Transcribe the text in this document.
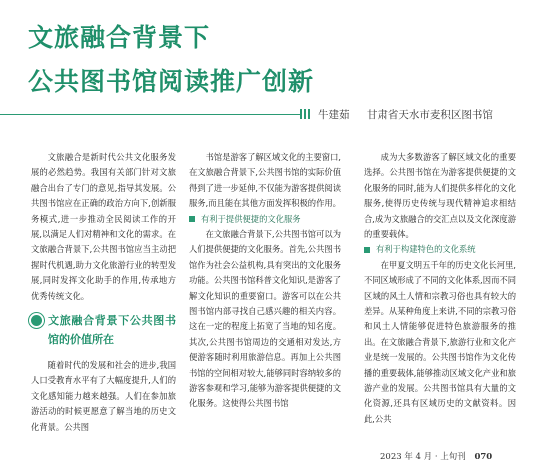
文旅融合背景下
公共图书馆阅读推广创新
牛建茹 甘肃省天水市麦积区图书馆

文旅融合是新时代公共文化服务发展的必然趋势。我国有关部门针对文旅融合出台了专门的意见,指导其发展。公共图书馆应在正确的政治方向下,创新服务模式,进一步推动全民阅读工作的开展,以满足人们对精神和文化的需求。在文旅融合背景下,公共图书馆应当主动把握时代机遇,助力文化旅游行业的转型发展,同时发挥文化助手的作用,传承地方优秀传统文化。

文旅融合背景下公共图书馆的价值所在

随着时代的发展和社会的进步,我国人口受教育水平有了大幅度提升,人们的文化感知能力越来越强。人们在参加旅游活动的时候更愿意了解当地的历史文化背景。公共图

书馆是游客了解区域文化的主要窗口,在文旅融合背景下,公共图书馆的实际价值得到了进一步延伸,不仅能为游客提供阅读服务,而且能在其他方面发挥积极的作用。

有利于提供便捷的文化服务

在文旅融合背景下,公共图书馆可以为人们提供便捷的文化服务。首先,公共图书馆作为社会公益机构,具有突出的文化服务功能。公共图书馆科普文化知识,是游客了解文化知识的重要窗口。游客可以在公共图书馆内部寻找自己感兴趣的相关内容。这在一定的程度上拓宽了当地的知名度。其次,公共图书馆周边的交通相对发达,方便游客随时利用旅游信息。再加上公共图书馆的空间相对较大,能够同时容纳较多的游客参观和学习,能够为游客提供便捷的文化服务。这使得公共图书馆

成为大多数游客了解区域文化的重要选择。公共图书馆在为游客提供便捷的文化服务的同时,能为人们提供多样化的文化服务,使得历史传统与现代精神追求相结合,成为文旅融合的交汇点以及文化深度游的重要载体。

有利于构建特色的文化系统

在甲夏文明五千年的历史文化长河里,不同区域形成了不同的文化体系,因而不同区域的风土人情和宗教习俗也具有较大的差异。从某种角度上来讲,不同的宗教习俗和风土人情能够促进特色旅游服务的推出。在文旅融合背景下,旅游行业和文化产业是统一发展的。公共图书馆作为文化传播的重要载体,能够推动区域文化产业和旅游产业的发展。公共图书馆具有大量的文化资源,还具有区域历史的文献资料。因此,公共

2023 年 4 月 · 上旬刊 070
